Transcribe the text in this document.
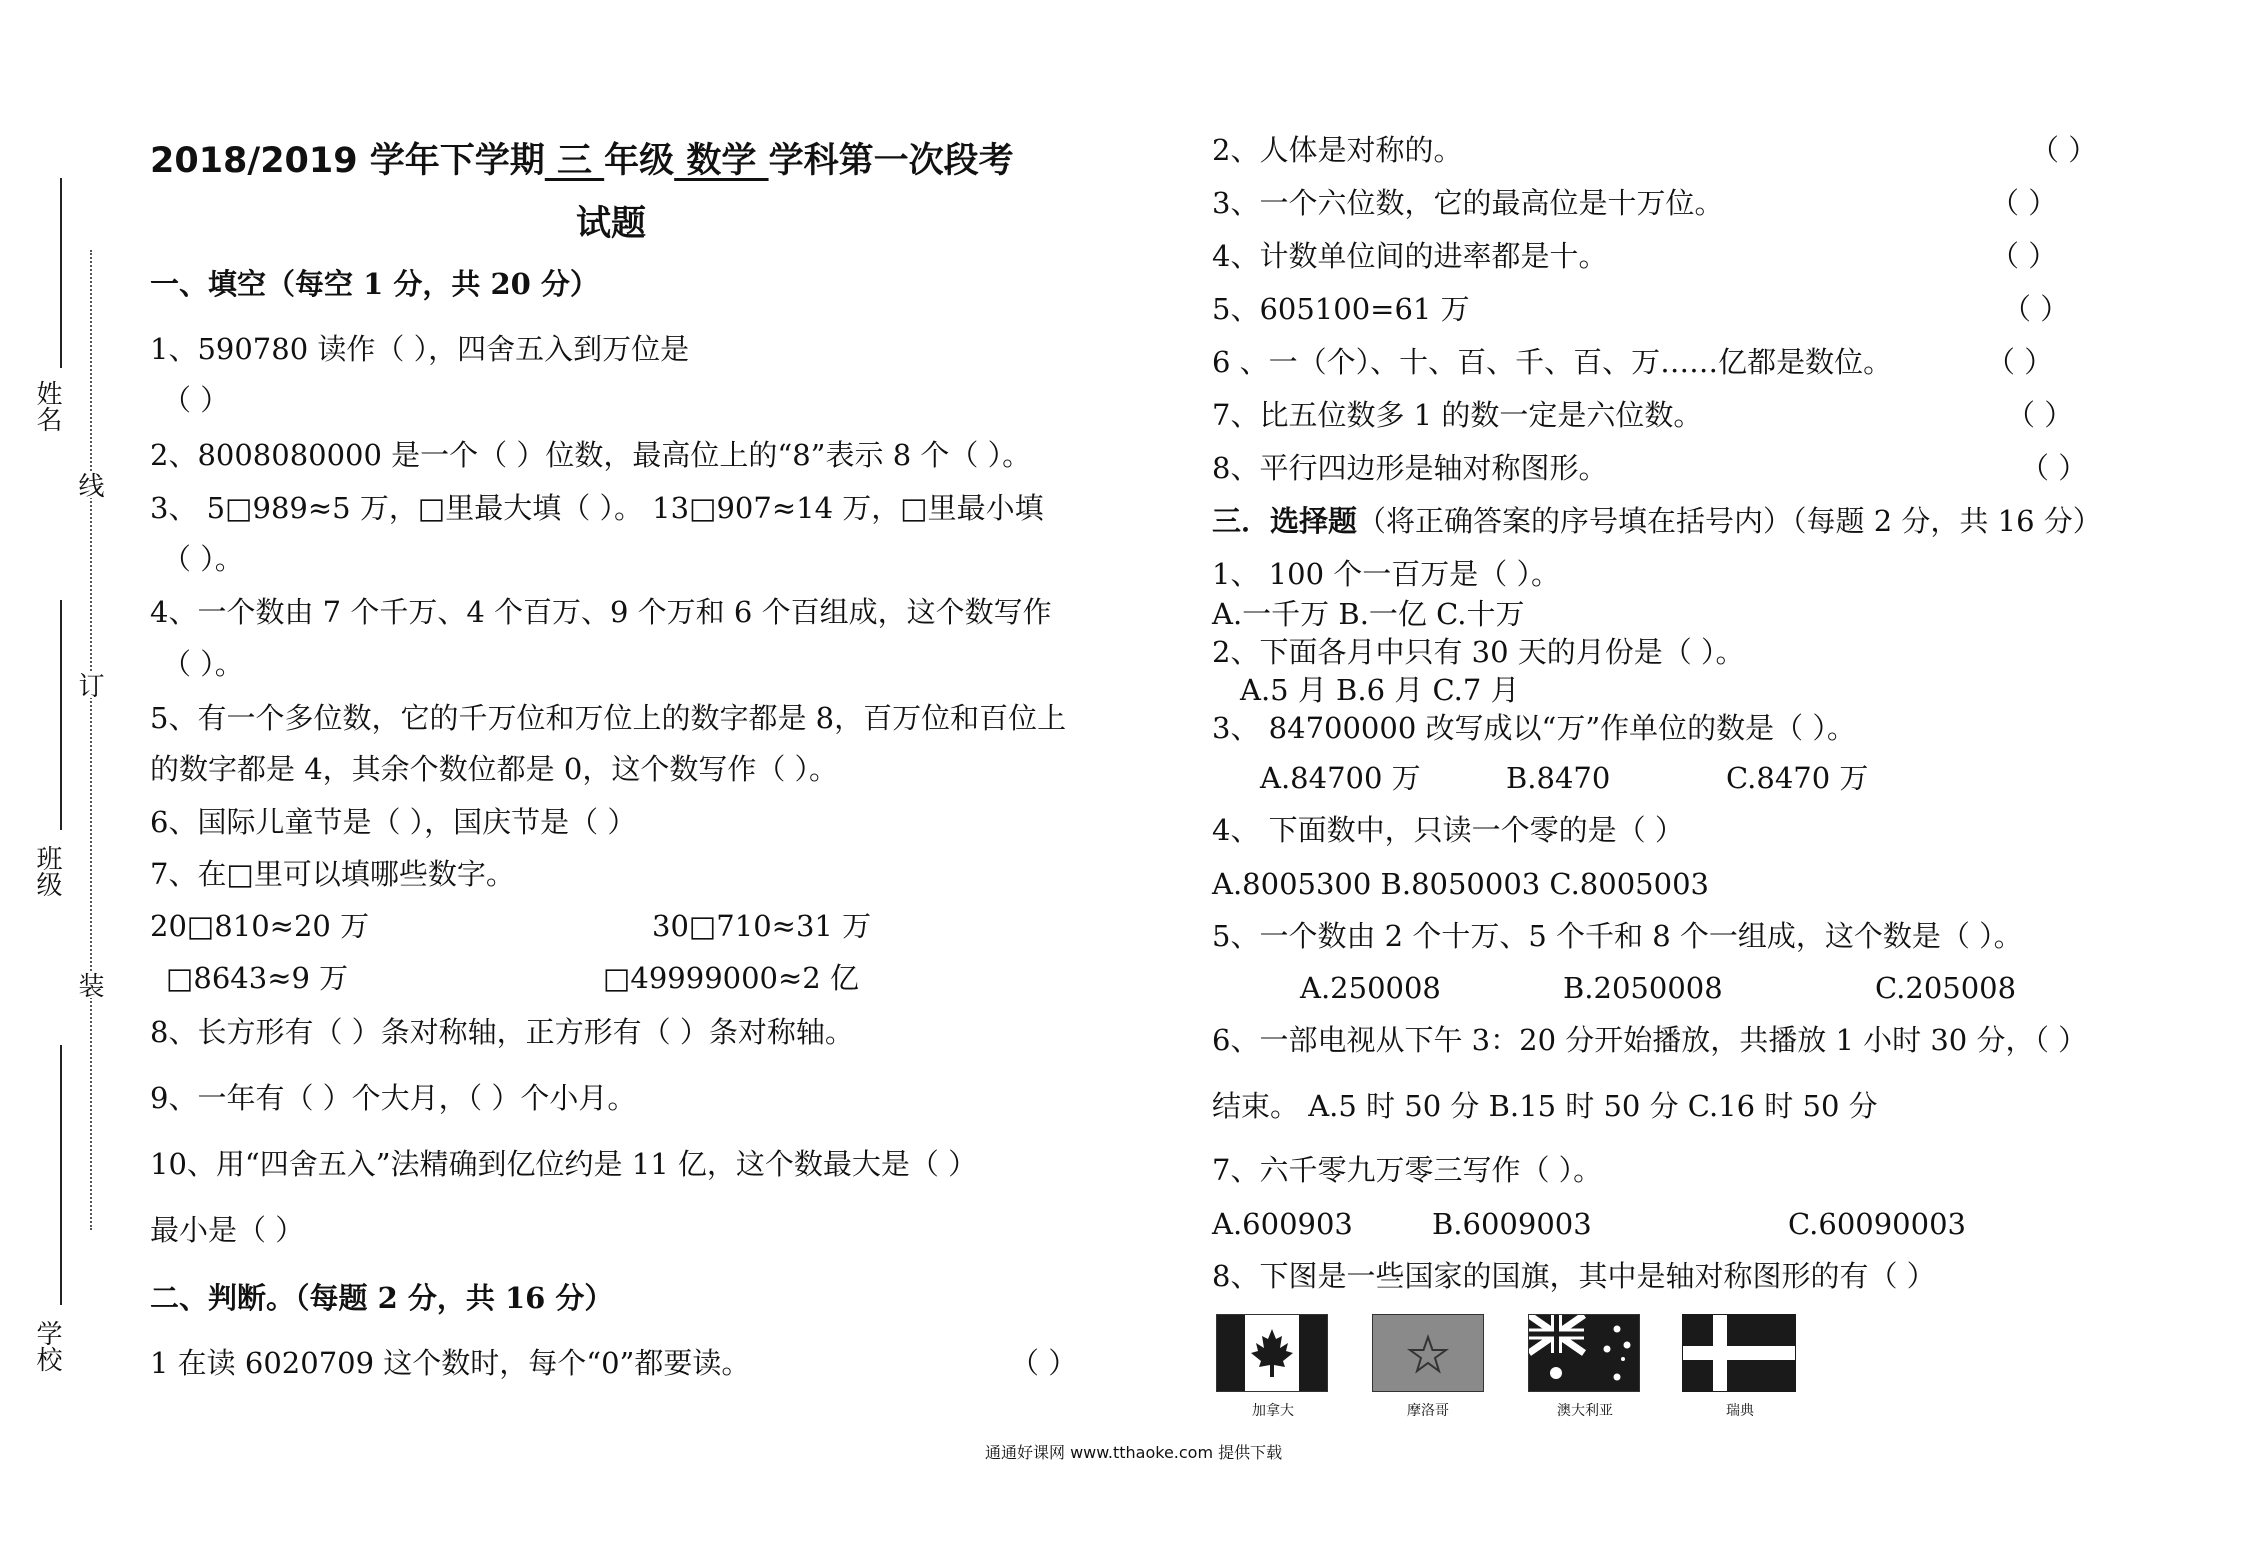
姓名
班级
学校
线
订
装
2018/2019 学年下学期 三 年级 数学 学科第一次段考
试题
一、填空（每空 1 分，共 20 分）
1、590780 读作（ ），四舍五入到万位是
（ ）
2、8008080000 是一个（ ）位数，最高位上的“8”表示 8 个（ ）。
3、 5□989≈5 万，□里最大填（ ）。 13□907≈14 万，□里最小填
（ ）。
4、一个数由 7 个千万、4 个百万、9 个万和 6 个百组成，这个数写作
（ ）。
5、有一个多位数，它的千万位和万位上的数字都是 8，百万位和百位上
的数字都是 4，其余个数位都是 0，这个数写作（ ）。
6、国际儿童节是（ ），国庆节是（ ）
7、在□里可以填哪些数字。
20□810≈20 万	30□710≈31 万
□8643≈9 万	□49999000≈2 亿
8、长方形有（ ）条对称轴，正方形有（ ）条对称轴。
9、一年有（ ）个大月，（ ）个小月。
10、用“四舍五入”法精确到亿位约是 11 亿，这个数最大是（ ）
最小是（ ）
二、判断。（每题 2 分，共 16 分）
1 在读 6020709 这个数时，每个“0”都要读。	（ ）
2、人体是对称的。	（ ）
3、一个六位数，它的最高位是十万位。	（ ）
4、计数单位间的进率都是十。	（ ）
5、605100=61 万	（ ）
6 、一（个）、十、百、千、百、万……亿都是数位。	（ ）
7、比五位数多 1 的数一定是六位数。	（ ）
8、平行四边形是轴对称图形。	（ ）
三．选择题（将正确答案的序号填在括号内）（每题 2 分，共 16 分）
1、 100 个一百万是（ ）。
A.一千万 B.一亿 C.十万
2、下面各月中只有 30 天的月份是（ ）。
A.5 月 B.6 月 C.7 月
3、 84700000 改写成以“万”作单位的数是（ ）。
A.84700 万	B.8470	C.8470 万
4、 下面数中，只读一个零的是（ ）
A.8005300 B.8050003 C.8005003
5、一个数由 2 个十万、5 个千和 8 个一组成，这个数是（ ）。
A.250008	B.2050008	C.205008
6、一部电视从下午 3：20 分开始播放，共播放 1 小时 30 分，（ ）
结束。 A.5 时 50 分 B.15 时 50 分 C.16 时 50 分
7、六千零九万零三写作（ ）。
A.600903	B.6009003	C.60090003
8、下图是一些国家的国旗，其中是轴对称图形的有（ ）
加拿大	摩洛哥	澳大利亚	瑞典
通通好课网 www.tthaoke.com 提供下载
